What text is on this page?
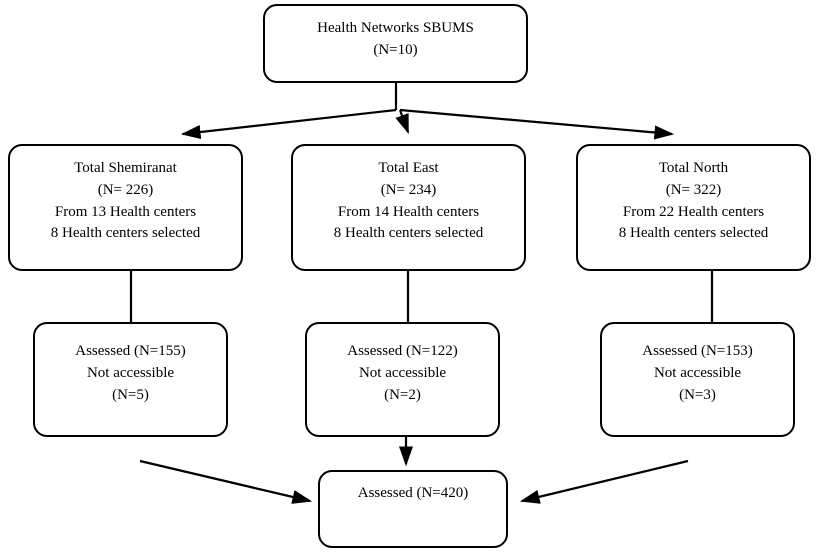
Health Networks SBUMS
(N=10)
Total Shemiranat
(N= 226)
From 13 Health centers
8 Health centers selected
Total East
(N= 234)
From 14 Health centers
8 Health centers selected
Total North
(N= 322)
From 22 Health centers
8 Health centers selected
Assessed (N=155)
Not accessible
(N=5)
Assessed (N=122)
Not accessible
(N=2)
Assessed (N=153)
Not accessible
(N=3)
Assessed (N=420)
